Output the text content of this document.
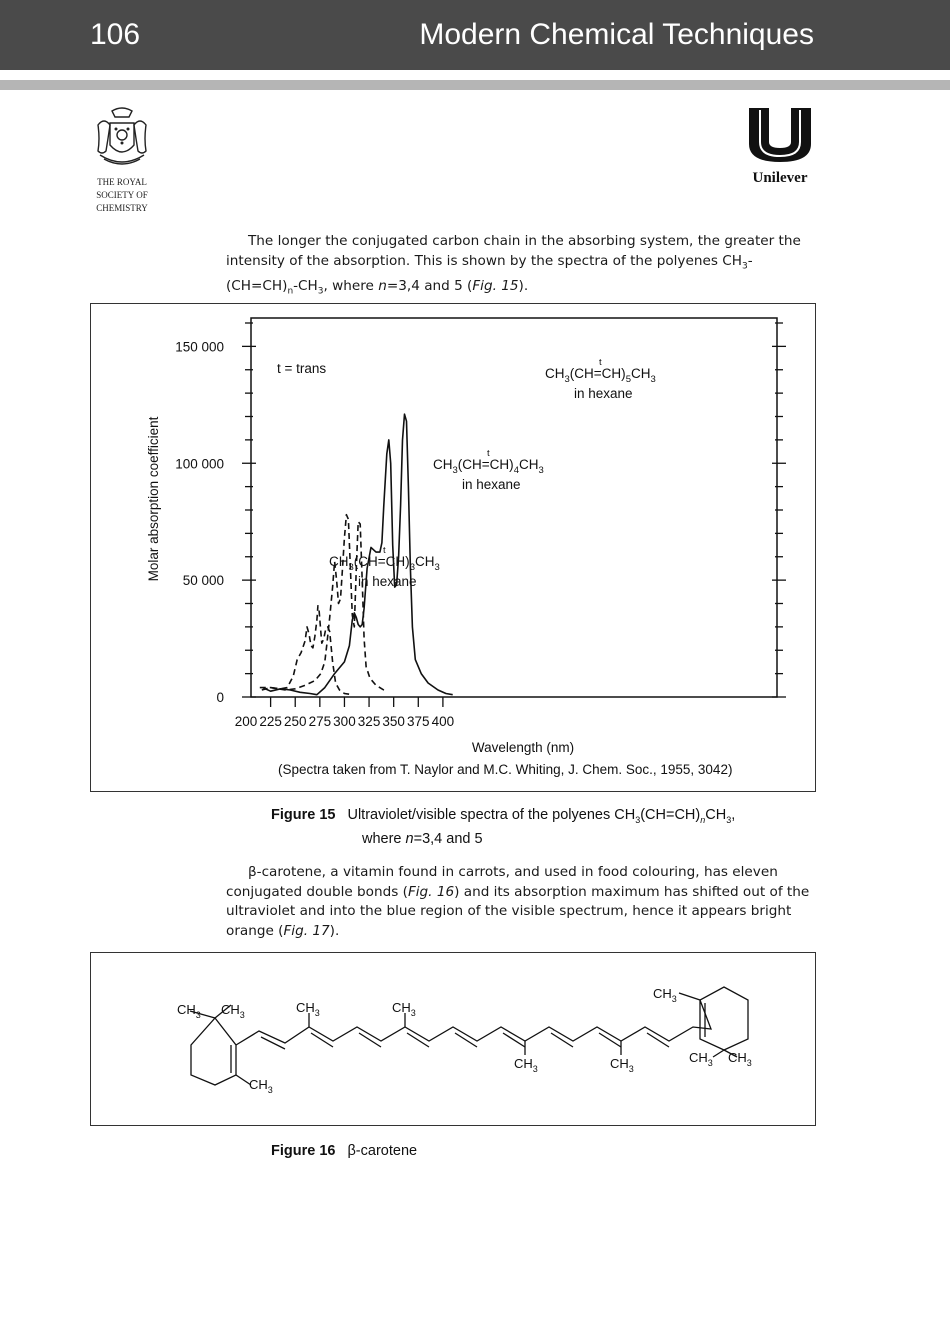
106	Modern Chemical Techniques
THE ROYAL
SOCIETY OF
CHEMISTRY
Unilever

The longer the conjugated carbon chain in the absorbing system, the greater the intensity of the absorption. This is shown by the spectra of the polyenes $CH_3-(CH=CH)_n-CH_3$, where n=3,4 and 5 (Fig. 15).

0
50 000
100 000
150 000
200 225 250 275 300 325 350 375 400
t = trans
$CH_3(CH=CH)_3CH_3$
t
in hexane
$CH_3(CH=CH)_4CH_3$
t
in hexane
$CH_3(CH=CH)_5CH_3$
t
in hexane
Wavelength (nm)
Molar absorption coefficient
(Spectra taken from T. Naylor and M.C. Whiting, J. Chem. Soc., 1955, 3042)
Figure 15 Ultraviolet/visible spectra of the polyenes $CH_3(CH=CH)_nCH_3$,
where n=3,4 and 5

β-carotene, a vitamin found in carrots, and used in food colouring, has eleven conjugated double bonds (Fig. 16) and its absorption maximum has shifted out of the ultraviolet and into the blue region of the visible spectrum, hence it appears bright orange (Fig. 17).

$CH_3$ $CH_3$
$CH_3$
$CH_3$	$CH_3$
$CH_3$	$CH_3$
$CH_3$
$CH_3$ $CH_3$
Figure 16 β-carotene
